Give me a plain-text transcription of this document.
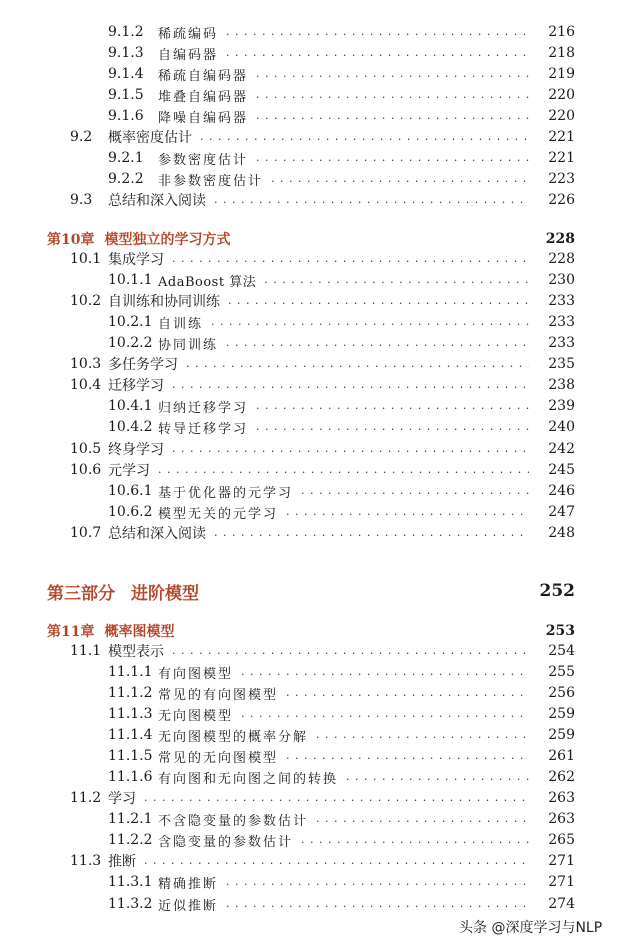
9.1.2	稀疏编码 . . .	216
9.1.3	自编码器 . . .	218
9.1.4	稀疏自编码器 . . .	219
9.1.5	堆叠自编码器 . . .	220
9.1.6	降噪自编码器 . . .	220
9.2	概率密度估计 . . .	221
9.2.1	参数密度估计 . . .	221
9.2.2	非参数密度估计 . . .	223
9.3	总结和深入阅读 . . .	226
第10章 模型独立的学习方式	228
10.1 集成学习 . . .	228
10.1.1 AdaBoost 算法 . . .	230
10.2 自训练和协同训练 . . .	233
10.2.1 自训练 . . .	233
10.2.2 协同训练 . . .	233
10.3 多任务学习 . . .	235
10.4 迁移学习 . . .	238
10.4.1 归纳迁移学习 . . .	239
10.4.2 转导迁移学习 . . .	240
10.5 终身学习 . . .	242
10.6 元学习 . . .	245
10.6.1 基于优化器的元学习 . . .	246
10.6.2 模型无关的元学习 . . .	247
10.7 总结和深入阅读 . . .	248
第三部分 进阶模型	252
第11章 概率图模型	253
11.1 模型表示 . . .	254
11.1.1 有向图模型 . . .	255
11.1.2 常见的有向图模型 . . .	256
11.1.3 无向图模型 . . .	259
11.1.4 无向图模型的概率分解 . . .	259
11.1.5 常见的无向图模型 . . .	261
11.1.6 有向图和无向图之间的转换 . . .	262
11.2 学习 . . .	263
11.2.1 不含隐变量的参数估计 . . .	263
11.2.2 含隐变量的参数估计 . . .	265
11.3 推断 . . .	271
11.3.1 精确推断 . . .	271
11.3.2 近似推断 . . .	274
头条 @深度学习与NLP
